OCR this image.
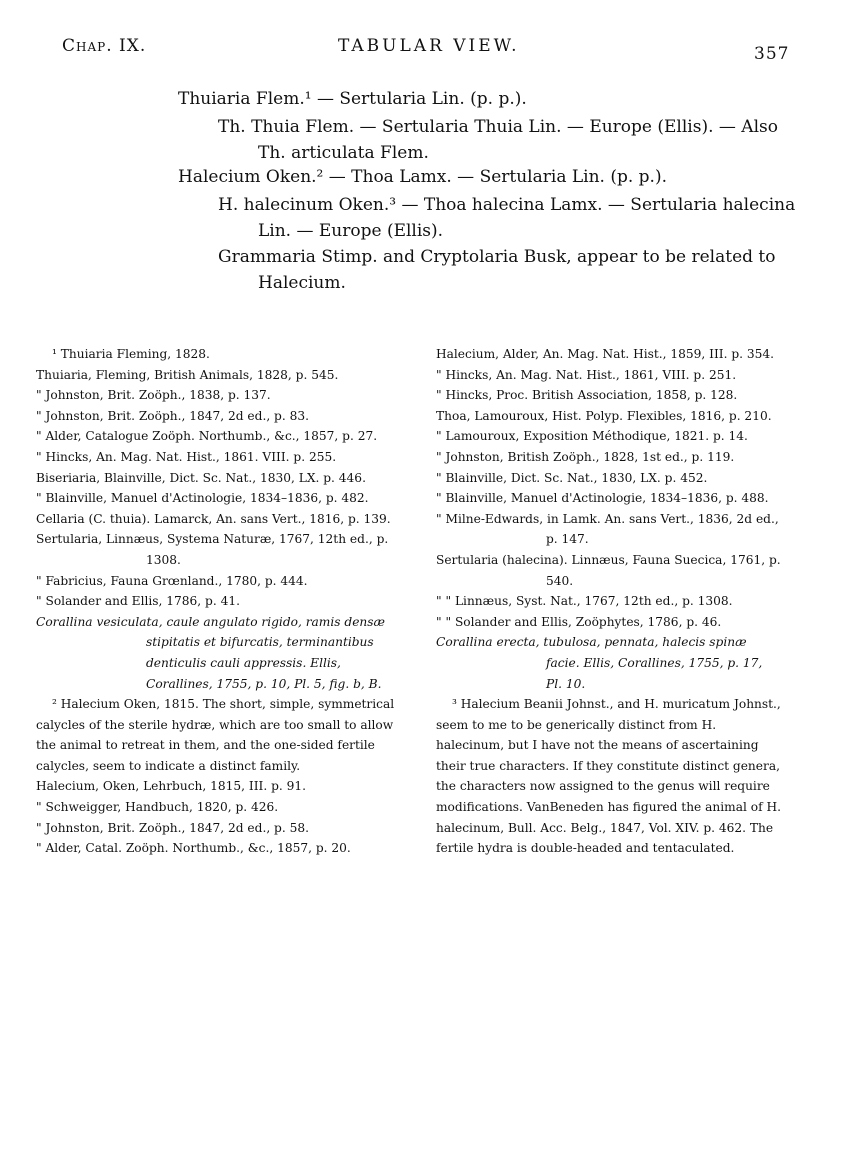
Chap. IX.	TABULAR VIEW.	357

Thuiaria Flem.¹ — Sertularia Lin. (p. p.).

Th. Thuia Flem. — Sertularia Thuia Lin. — Europe (Ellis). — Also

Th. articulata Flem.

Halecium Oken.² — Thoa Lamx. — Sertularia Lin. (p. p.).

H. halecinum Oken.³ — Thoa halecina Lamx. — Sertularia halecina

Lin. — Europe (Ellis).

Grammaria Stimp. and Cryptolaria Busk, appear to be related to

Halecium.

¹ Thuiaria Fleming, 1828.

Thuiaria, Fleming, British Animals, 1828, p. 545.

" Johnston, Brit. Zoöph., 1838, p. 137.

" Johnston, Brit. Zoöph., 1847, 2d ed., p. 83.

" Alder, Catalogue Zoöph. Northumb., &c., 1857, p. 27.

" Hincks, An. Mag. Nat. Hist., 1861. VIII. p. 255.

Biseriaria, Blainville, Dict. Sc. Nat., 1830, LX. p. 446.

" Blainville, Manuel d'Actinologie, 1834–1836, p. 482.

Cellaria (C. thuia). Lamarck, An. sans Vert., 1816, p. 139.

Sertularia, Linnæus, Systema Naturæ, 1767, 12th ed., p. 1308.

" Fabricius, Fauna Grœnland., 1780, p. 444.

" Solander and Ellis, 1786, p. 41.

Corallina vesiculata, caule angulato rigido, ramis densæ stipitatis et bifurcatis, terminantibus denticulis cauli appressis. Ellis, Corallines, 1755, p. 10, Pl. 5, fig. b, B.

² Halecium Oken, 1815. The short, simple, symmetrical calycles of the sterile hydræ, which are too small to allow the animal to retreat in them, and the one-sided fertile calycles, seem to indicate a distinct family.

Halecium, Oken, Lehrbuch, 1815, III. p. 91.

" Schweigger, Handbuch, 1820, p. 426.

" Johnston, Brit. Zoöph., 1847, 2d ed., p. 58.

" Alder, Catal. Zoöph. Northumb., &c., 1857, p. 20.

Halecium, Alder, An. Mag. Nat. Hist., 1859, III. p. 354.

" Hincks, An. Mag. Nat. Hist., 1861, VIII. p. 251.

" Hincks, Proc. British Association, 1858, p. 128.

Thoa, Lamouroux, Hist. Polyp. Flexibles, 1816, p. 210.

" Lamouroux, Exposition Méthodique, 1821. p. 14.

" Johnston, British Zoöph., 1828, 1st ed., p. 119.

" Blainville, Dict. Sc. Nat., 1830, LX. p. 452.

" Blainville, Manuel d'Actinologie, 1834–1836, p. 488.

" Milne-Edwards, in Lamk. An. sans Vert., 1836, 2d ed., p. 147.

Sertularia (halecina). Linnæus, Fauna Suecica, 1761, p. 540.

" " Linnæus, Syst. Nat., 1767, 12th ed., p. 1308.

" " Solander and Ellis, Zoöphytes, 1786, p. 46.

Corallina erecta, tubulosa, pennata, halecis spinæ facie. Ellis, Corallines, 1755, p. 17, Pl. 10.

³ Halecium Beanii Johnst., and H. muricatum Johnst., seem to me to be generically distinct from H. halecinum, but I have not the means of ascertaining their true characters. If they constitute distinct genera, the characters now assigned to the genus will require modifications. VanBeneden has figured the animal of H. halecinum, Bull. Acc. Belg., 1847, Vol. XIV. p. 462. The fertile hydra is double-headed and tentaculated.
